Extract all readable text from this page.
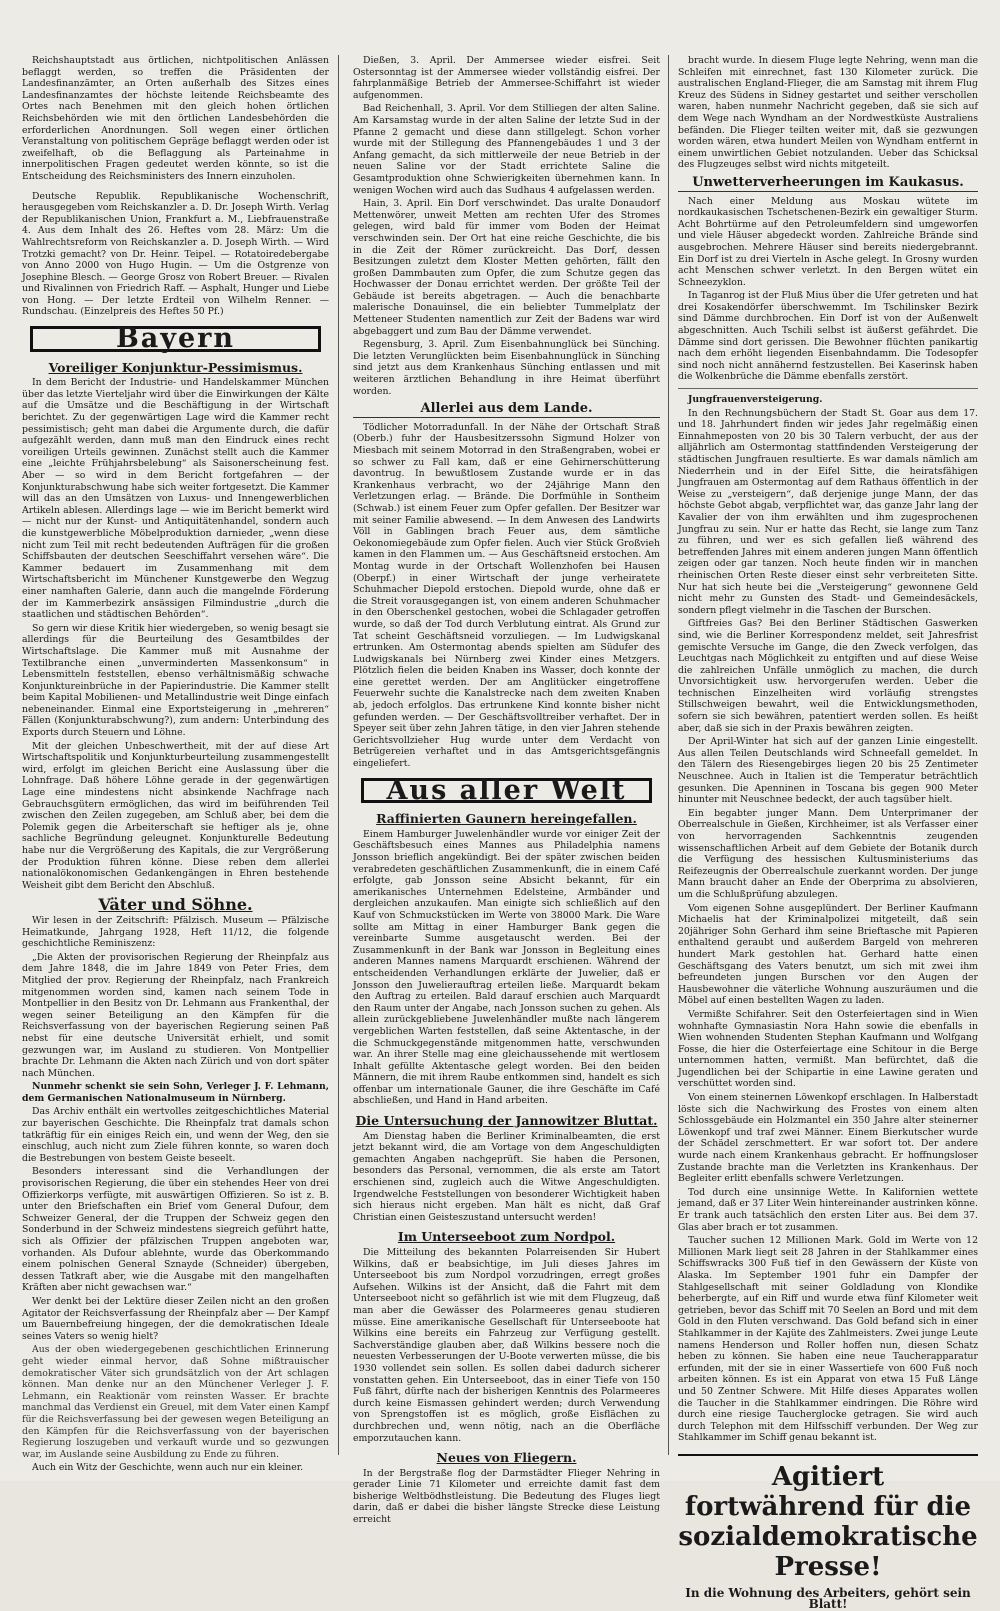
Reichshauptstadt aus örtlichen, nichtpolitischen Anlässen beflaggt werden, so treffen die Präsidenten der Landesfinanzämter, an Orten außerhalb des Sitzes eines Landesfinanzamtes der höchste leitende Reichsbeamte des Ortes nach Benehmen mit den gleich hohen örtlichen Reichsbehörden wie mit den örtlichen Landesbehörden die erforderlichen Anordnungen. Soll wegen einer örtlichen Veranstaltung von politischem Gepräge beflaggt werden oder ist zweifelhaft, ob die Beflaggung als Parteinahme in innerpolitischen Fragen gedeutet werden könnte, so ist die Entscheidung des Reichsministers des Innern einzuholen.

Deutsche Republik. Republikanische Wochenschrift, herausgegeben vom Reichskanzler a. D. Dr. Joseph Wirth. Verlag der Republikanischen Union, Frankfurt a. M., Liebfrauenstraße 4. Aus dem Inhalt des 26. Heftes vom 28. März: Um die Wahlrechtsreform von Reichskanzler a. D. Joseph Wirth. — Wird Trotzki gemacht? von Dr. Heinr. Teipel. — Rotatoiredebergabe von Anno 2000 von Hugo Hugin. — Um die Ostgrenze von Josephine Blesch. — George Grosz von Robert Breuer. — Rivalen und Rivalinnen von Friedrich Raff. — Asphalt, Hunger und Liebe von Hong. — Der letzte Erdteil von Wilhelm Renner. — Rundschau. (Einzelpreis des Heftes 50 Pf.)

Bayern
Voreiliger Konjunktur-Pessimismus.

In dem Bericht der Industrie- und Handelskammer München über das letzte Vierteljahr wird über die Einwirkungen der Kälte auf die Umsätze und die Beschäftigung in der Wirtschaft berichtet. Zu der gegenwärtigen Lage wird die Kammer recht pessimistisch; geht man dabei die Argumente durch, die dafür aufgezählt werden, dann muß man den Eindruck eines recht voreiligen Urteils gewinnen. Zunächst stellt auch die Kammer eine „leichte Frühjahrsbelebung“ als Saisonerscheinung fest. Aber — so wird in dem Bericht fortgefahren — der Konjunkturabschwung habe sich weiter fortgesetzt. Die Kammer will das an den Umsätzen von Luxus- und Innengewerblichen Artikeln ablesen. Allerdings lage — wie im Bericht bemerkt wird — nicht nur der Kunst- und Antiquitätenhandel, sondern auch die kunstgewerbliche Möbelproduktion darnieder, „wenn diese nicht zum Teil mit recht bedeutenden Aufträgen für die großen Schiffsbauten der deutschen Seeschiffahrt versehen wäre“. Die Kammer bedauert im Zusammenhang mit dem Wirtschaftsbericht im Münchener Kunstgewerbe den Wegzug einer namhaften Galerie, dann auch die mangelnde Förderung der im Kammerbezirk ansässigen Filmindustrie „durch die staatlichen und städtischen Behörden“.

So gern wir diese Kritik hier wiedergeben, so wenig besagt sie allerdings für die Beurteilung des Gesamtbildes der Wirtschaftslage. Die Kammer muß mit Ausnahme der Textilbranche einen „unverminderten Massenkonsum“ in Lebensmitteln feststellen, ebenso verhältnismäßig schwache Konjunktureinbrüche in der Papierindustrie. Die Kammer stellt beim Kapital Mobilienen- und Metallindustrie weit Dinge einfach nebeneinander. Einmal eine Exportsteigerung in „mehreren“ Fällen (Konjunkturabschwung?), zum andern: Unterbindung des Exports durch Steuern und Löhne.

Mit der gleichen Unbeschwertheit, mit der auf diese Art Wirtschaftspolitik und Konjunkturbeurteilung zusammengestellt wird, erfolgt im gleichen Bericht eine Auslassung über die Lohnfrage. Daß höhere Löhne gerade in der gegenwärtigen Lage eine mindestens nicht absinkende Nachfrage nach Gebrauchsgütern ermöglichen, das wird im beiführenden Teil zwischen den Zeilen zugegeben, am Schluß aber, bei dem die Polemik gegen die Arbeiterschaft sie heftiger als je, ohne sachliche Begründung geleugnet. Konjunkturelle Bedeutung habe nur die Vergrößerung des Kapitals, die zur Vergrößerung der Produktion führen könne. Diese reben dem allerlei nationalökonomischen Gedankengängen in Ehren bestehende Weisheit gibt dem Bericht den Abschluß.

Väter und Söhne.

Wir lesen in der Zeitschrift: Pfälzisch. Museum — Pfälzische Heimatkunde, Jahrgang 1928, Heft 11/12, die folgende geschichtliche Reminiszenz:

„Die Akten der provisorischen Regierung der Rheinpfalz aus dem Jahre 1848, die im Jahre 1849 von Peter Fries, dem Mitglied der prov. Regierung der Rheinpfalz, nach Frankreich mitgenommen worden sind, kamen nach seinem Tode in Montpellier in den Besitz von Dr. Lehmann aus Frankenthal, der wegen seiner Beteiligung an den Kämpfen für die Reichsverfassung von der bayerischen Regierung seinen Paß nebst für eine deutsche Universität erhielt, und somit gezwungen war, im Ausland zu studieren. Von Montpellier brachte Dr. Lehmann die Akten nach Zürich und von dort später nach München.

Nunmehr schenkt sie sein Sohn, Verleger J. F. Lehmann, dem Germanischen Nationalmuseum in Nürnberg.

Das Archiv enthält ein wertvolles zeitgeschichtliches Material zur bayerischen Geschichte. Die Rheinpfalz trat damals schon tatkräftig für ein einiges Reich ein, und wenn der Weg, den sie einschlug, auch nicht zum Ziele führen konnte, so waren doch die Bestrebungen von bestem Geiste beseelt.

Besonders interessant sind die Verhandlungen der provisorischen Regierung, die über ein stehendes Heer von drei Offizierkorps verfügte, mit auswärtigen Offizieren. So ist z. B. unter den Briefschaften ein Brief vom General Dufour, dem Schweizer General, der die Truppen der Schweiz gegen den Sonderbund in der Schweiz mindestens siegreich geführt hatte, sich als Offizier der pfälzischen Truppen angeboten war, vorhanden. Als Dufour ablehnte, wurde das Oberkommando einem polnischen General Sznayde (Schneider) übergeben, dessen Tatkraft aber, wie die Ausgabe mit den mangelhaften Kräften aber nicht gewachsen war.“

Wer denkt bei der Lektüre dieser Zeilen nicht an den großen Agitator der Reichsverfassung der Rheinpfalz aber — Der Kampf um Bauernbefreiung hingegen, der die demokratischen Ideale seines Vaters so wenig hielt?

Aus der oben wiedergegebenen geschichtlichen Erinnerung geht wieder einmal hervor, daß Sohne mißtrauischer demokratischer Väter sich grundsätzlich von der Art schlagen können. Man denke nur an den Münchener Verleger J. F. Lehmann, ein Reaktionär vom reinsten Wasser. Er brachte manchmal das Verdienst ein Greuel, mit dem Vater einen Kampf für die Reichsverfassung bei der gewesen wegen Beteiligung an den Kämpfen für die Reichsverfassung von der bayerischen Regierung loszugeben und verkauft wurde und so gezwungen war, im Auslande seine Ausbildung zu Ende zu führen.

Auch ein Witz der Geschichte, wenn auch nur ein kleiner.

Dießen, 3. April. Der Ammersee wieder eisfrei. Seit Ostersonntag ist der Ammersee wieder vollständig eisfrei. Der fahrplanmäßige Betrieb der Ammersee-Schiffahrt ist wieder aufgenommen.

Bad Reichenhall, 3. April. Vor dem Stilliegen der alten Saline. Am Karsamstag wurde in der alten Saline der letzte Sud in der Pfanne 2 gemacht und diese dann stillgelegt. Schon vorher wurde mit der Stillegung des Pfannengebäudes 1 und 3 der Anfang gemacht, da sich mittlerweile der neue Betrieb in der neuen Saline vor der Stadt errichtete Saline die Gesamtproduktion ohne Schwierigkeiten übernehmen kann. In wenigen Wochen wird auch das Sudhaus 4 aufgelassen werden.

Hain, 3. April. Ein Dorf verschwindet. Das uralte Donaudorf Mettenwörer, unweit Metten am rechten Ufer des Stromes gelegen, wird bald für immer vom Boden der Heimat verschwinden sein. Der Ort hat eine reiche Geschichte, die bis in die Zeit der Römer zurückreicht. Das Dorf, dessen Besitzungen zuletzt dem Kloster Metten gehörten, fällt den großen Dammbauten zum Opfer, die zum Schutze gegen das Hochwasser der Donau errichtet werden. Der größte Teil der Gebäude ist bereits abgetragen. — Auch die benachbarte malerische Donauinsel, die ein beliebter Tummelplatz der Metteneer Studenten namentlich zur Zeit der Badens war wird abgebaggert und zum Bau der Dämme verwendet.

Regensburg, 3. April. Zum Eisenbahnunglück bei Sünching. Die letzten Verunglückten beim Eisenbahnunglück in Sünching sind jetzt aus dem Krankenhaus Sünching entlassen und mit weiteren ärztlichen Behandlung in ihre Heimat überführt worden.

Allerlei aus dem Lande.

Tödlicher Motorradunfall. In der Nähe der Ortschaft Straß (Oberb.) fuhr der Hausbesitzerssohn Sigmund Holzer von Miesbach mit seinem Motorrad in den Straßengraben, wobei er so schwer zu Fall kam, daß er eine Gehirnerschütterung davontrug. In bewußtlosem Zustande wurde er in das Krankenhaus verbracht, wo der 24jährige Mann den Verletzungen erlag. — Brände. Die Dorfmühle in Sontheim (Schwab.) ist einem Feuer zum Opfer gefallen. Der Besitzer war mit seiner Familie abwesend. — In dem Anwesen des Landwirts Völl in Gablingen brach Feuer aus, dem sämtliche Oekonomiegebäude zum Opfer fielen. Auch vier Stück Großvieh kamen in den Flammen um. — Aus Geschäftsneid erstochen. Am Montag wurde in der Ortschaft Wollenzhofen bei Hausen (Oberpf.) in einer Wirtschaft der junge verheiratete Schuhmacher Diepold erstochen. Diepold wurde, ohne daß er die Streit vorausgegangen ist, von einem anderen Schuhmacher in den Oberschenkel gestochen, wobei die Schlagader getroffen wurde, so daß der Tod durch Verblutung eintrat. Als Grund zur Tat scheint Geschäftsneid vorzuliegen. — Im Ludwigskanal ertrunken. Am Ostermontag abends spielten am Südufer des Ludwigskanals bei Nürnberg zwei Kinder eines Metzgers. Plötzlich fielen die beiden Knaben ins Wasser, doch konnte der eine gerettet werden. Der am Anglitücker eingetroffene Feuerwehr suchte die Kanalstrecke nach dem zweiten Knaben ab, jedoch erfolglos. Das ertrunkene Kind konnte bisher nicht gefunden werden. — Der Geschäftsvolltreiber verhaftet. Der in Speyer seit über zehn Jahren tätige, in den vier Jahren stehende Gerichtsvollzieher Hug wurde unter dem Verdacht von Betrügereien verhaftet und in das Amtsgerichtsgefängnis eingeliefert.

Aus aller Welt
Raffinierten Gaunern hereingefallen.

Einem Hamburger Juwelenhändler wurde vor einiger Zeit der Geschäftsbesuch eines Mannes aus Philadelphia namens Jonsson brieflich angekündigt. Bei der später zwischen beiden verabredeten geschäftlichen Zusammenkunft, die in einem Café erfolgte, gab Jonsson seine Absicht bekannt, für ein amerikanisches Unternehmen Edelsteine, Armbänder und dergleichen anzukaufen. Man einigte sich schließlich auf den Kauf von Schmuckstücken im Werte von 38000 Mark. Die Ware sollte am Mittag in einer Hamburger Bank gegen die vereinbarte Summe ausgetauscht werden. Bei der Zusammenkunft in der Bank war Jonsson in Begleitung eines anderen Mannes namens Marquardt erschienen. Während der entscheidenden Verhandlungen erklärte der Juwelier, daß er Jonsson den Juwelierauftrag erteilen ließe. Marquardt bekam den Auftrag zu erteilen. Bald darauf erschien auch Marquardt den Raum unter der Angabe, nach Jonsson suchen zu gehen. Als allein zurückgebliebene Juwelenhändler mußte nach längerem vergeblichen Warten feststellen, daß seine Aktentasche, in der die Schmuckgegenstände mitgenommen hatte, verschwunden war. An ihrer Stelle mag eine gleichaussehende mit wertlosem Inhalt gefüllte Aktentasche gelegt worden. Bei den beiden Männern, die mit ihrem Raube entkommen sind, handelt es sich offenbar um internationale Gauner, die ihre Geschäfte im Café abschließen, und Hand in Hand arbeiten.

Die Untersuchung der Jannowitzer Bluttat.

Am Dienstag haben die Berliner Kriminalbeamten, die erst jetzt bekannt wird, die am Vortage von dem Angeschuldigten gemachten Angaben nachgeprüft. Sie haben die Personen, besonders das Personal, vernommen, die als erste am Tatort erschienen sind, zugleich auch die Witwe Angeschuldigten. Irgendwelche Feststellungen von besonderer Wichtigkeit haben sich hieraus nicht ergeben. Man hält es nicht, daß Graf Christian einen Geisteszustand untersucht werden!

Im Unterseeboot zum Nordpol.

Die Mitteilung des bekannten Polarreisenden Sir Hubert Wilkins, daß er beabsichtige, im Juli dieses Jahres im Unterseeboot bis zum Nordpol vorzudringen, erregt großes Aufsehen. Wilkins ist der Ansicht, daß die Fahrt mit dem Unterseeboot nicht so gefährlich ist wie mit dem Flugzeug, daß man aber die Gewässer des Polarmeeres genau studieren müsse. Eine amerikanische Gesellschaft für Unterseeboote hat Wilkins eine bereits ein Fahrzeug zur Verfügung gestellt. Sachverständige glauben aber, daß Wilkins bessere noch die neuesten Verbesserungen der U-Boote verwerten müsse, die bis 1930 vollendet sein sollen. Es sollen dabei dadurch sicherer vonstatten gehen. Ein Unterseeboot, das in einer Tiefe von 150 Fuß fährt, dürfte nach der bisherigen Kenntnis des Polarmeeres durch keine Eismassen gehindert werden; durch Verwendung von Sprengstoffen ist es möglich, große Eisflächen zu durchbrechen und, wenn nötig, nach an die Oberfläche emporzutauchen kann.

Neues von Fliegern.

In der Bergstraße flog der Darmstädter Flieger Nehring in gerader Linie 71 Kilometer und erreichte damit fast dem bisherige Weltbödhstleistung. Die Bedeutung des Fluges liegt darin, daß er dabei die bisher längste Strecke diese Leistung erreicht

bracht wurde. In diesem Fluge legte Nehring, wenn man die Schleifen mit einrechnet, fast 130 Kilometer zurück. Die australischen England-Flieger, die am Samstag mit ihrem Flug Kreuz des Südens in Sidney gestartet und seither verschollen waren, haben nunmehr Nachricht gegeben, daß sie sich auf dem Wege nach Wyndham an der Nordwestküste Australiens befänden. Die Flieger teilten weiter mit, daß sie gezwungen worden wären, etwa hundert Meilen von Wyndham entfernt in einem unwirtlichen Gebiet notzulanden. Ueber das Schicksal des Flugzeuges selbst wird nichts mitgeteilt.

Unwetterverheerungen im Kaukasus.

Nach einer Meldung aus Moskau wütete im nordkaukasischen Tschetschenen-Bezirk ein gewaltiger Sturm. Acht Bohrtürme auf den Petroleumfeldern sind umgeworfen und viele Häuser abgedeckt worden. Zahlreiche Brände sind ausgebrochen. Mehrere Häuser sind bereits niedergebrannt. Ein Dorf ist zu drei Vierteln in Asche gelegt. In Grosny wurden acht Menschen schwer verletzt. In den Bergen wütet ein Schneezyklon.

In Taganrog ist der Fluß Mius über die Ufer getreten und hat drei Kosakendörfer überschwemmt. Im Tschilinsker Bezirk sind Dämme durchbrochen. Ein Dorf ist von der Außenwelt abgeschnitten. Auch Tschili selbst ist äußerst gefährdet. Die Dämme sind dort gerissen. Die Bewohner flüchten panikartig nach dem erhöht liegenden Eisenbahndamm. Die Todesopfer sind noch nicht annähernd festzustellen. Bei Kaserinsk haben die Wolkenbrüche die Dämme ebenfalls zerstört.

Jungfrauenversteigerung.

In den Rechnungsbüchern der Stadt St. Goar aus dem 17. und 18. Jahrhundert finden wir jedes Jahr regelmäßig einen Einnahmeposten von 20 bis 30 Talern verbucht, der aus der alljährlich am Ostermontag stattfindenden Versteigerung der städtischen Jungfrauen resultierte. Es war damals nämlich am Niederrhein und in der Eifel Sitte, die heiratsfähigen Jungfrauen am Ostermontag auf dem Rathaus öffentlich in der Weise zu „versteigern“, daß derjenige junge Mann, der das höchste Gebot abgab, verpflichtet war, das ganze Jahr lang der Kavalier der von ihm erwählten und ihm zugesprochenen Jungfrau zu sein. Nur er hatte das Recht, sie lange zum Tanz zu führen, und wer es sich gefallen ließ während des betreffenden Jahres mit einem anderen jungen Mann öffentlich zeigen oder gar tanzen. Noch heute finden wir in manchen rheinischen Orten Reste dieser einst sehr verbreiteten Sitte. Nur hat sich heute bei die „Versteigerung“ gewonnene Geld nicht mehr zu Gunsten des Stadt- und Gemeindesäckels, sondern pflegt vielmehr in die Taschen der Burschen.

Giftfreies Gas? Bei den Berliner Städtischen Gaswerken sind, wie die Berliner Korrespondenz meldet, seit Jahresfrist gemischte Versuche im Gange, die den Zweck verfolgen, das Leuchtgas nach Möglichkeit zu entgiften und auf diese Weise die zahlreichen Unfälle unmöglich zu machen, die durch Unvorsichtigkeit usw. hervorgerufen werden. Ueber die technischen Einzelheiten wird vorläufig strengstes Stillschweigen bewahrt, weil die Entwicklungsmethoden, sofern sie sich bewähren, patentiert werden sollen. Es heißt aber, daß sie sich in der Praxis bewähren zeigten.

Der April-Winter hat sich auf der ganzen Linie eingestellt. Aus allen Teilen Deutschlands wird Schneefall gemeldet. In den Tälern des Riesengebirges liegen 20 bis 25 Zentimeter Neuschnee. Auch in Italien ist die Temperatur beträchtlich gesunken. Die Apenninen in Toscana bis gegen 900 Meter hinunter mit Neuschnee bedeckt, der auch tagsüber hielt.

Ein begabter junger Mann. Dem Unterprimaner der Oberrealschule in Gießen, Kirchheimer, ist als Verfasser einer von hervorragenden Sachkenntnis zeugenden wissenschaftlichen Arbeit auf dem Gebiete der Botanik durch die Verfügung des hessischen Kultusministeriums das Reifezeugnis der Oberrealschule zuerkannt worden. Der junge Mann braucht daher an Ende der Oberprima zu absolvieren, um die Schlußprüfung abzulegen.

Vom eigenen Sohne ausgeplündert. Der Berliner Kaufmann Michaelis hat der Kriminalpolizei mitgeteilt, daß sein 20jähriger Sohn Gerhard ihm seine Brieftasche mit Papieren enthaltend geraubt und außerdem Bargeld von mehreren hundert Mark gestohlen hat. Gerhard hatte einen Geschäftsgang des Vaters benutzt, um sich mit zwei ihm befreundeten jungen Burschen vor den Augen der Hausbewohner die väterliche Wohnung auszuräumen und die Möbel auf einen bestellten Wagen zu laden.

Vermißte Schifahrer. Seit den Osterfeiertagen sind in Wien wohnhafte Gymnasiastin Nora Hahn sowie die ebenfalls in Wien wohnenden Studenten Stephan Kaufmann und Wolfgang Fosse, die hier die Osterfeiertage eine Schitour in die Berge unternommen hatten, vermißt. Man befürchtet, daß die Jugendlichen bei der Schipartie in eine Lawine geraten und verschüttet worden sind.

Von einem steinernen Löwenkopf erschlagen. In Halberstadt löste sich die Nachwirkung des Frostes von einem alten Schlossgebäude ein Holzmantel ein 350 Jahre alter steinerner Löwenkopf und traf zwei Männer. Einem Bierkutscher wurde der Schädel zerschmettert. Er war sofort tot. Der andere wurde nach einem Krankenhaus gebracht. Er hoffnungsloser Zustande brachte man die Verletzten ins Krankenhaus. Der Begleiter erlitt ebenfalls schwere Verletzungen.

Tod durch eine unsinnige Wette. In Kalifornien wettete jemand, daß er 37 Liter Wein hintereinander austrinken könne. Er trank auch tatsächlich den ersten Liter aus. Bei dem 37. Glas aber brach er tot zusammen.

Taucher suchen 12 Millionen Mark. Gold im Werte von 12 Millionen Mark liegt seit 28 Jahren in der Stahlkammer eines Schiffswracks 300 Fuß tief in den Gewässern der Küste von Alaska. Im September 1901 fuhr ein Dampfer der Stahlgesellschaft mit seiner Goldladung von Klondike beherbergte, auf ein Riff und wurde etwa fünf Kilometer weit getrieben, bevor das Schiff mit 70 Seelen an Bord und mit dem Gold in den Fluten verschwand. Das Gold befand sich in einer Stahlkammer in der Kajüte des Zahlmeisters. Zwei junge Leute namens Henderson und Roller hoffen nun, diesen Schatz heben zu können. Sie haben eine neue Taucherapparatur erfunden, mit der sie in einer Wassertiefe von 600 Fuß noch arbeiten können. Es ist ein Apparat von etwa 15 Fuß Länge und 50 Zentner Schwere. Mit Hilfe dieses Apparates wollen die Taucher in die Stahlkammer eindringen. Die Röhre wird durch eine riesige Taucherglocke getragen. Sie wird auch durch Telephon mit dem Hilfsschiff verbunden. Der Weg zur Stahlkammer im Schiff genau bekannt ist.

Agitiert fortwährend für die
sozialdemokratische Presse!
In die Wohnung des Arbeiters, gehört sein Blatt!
